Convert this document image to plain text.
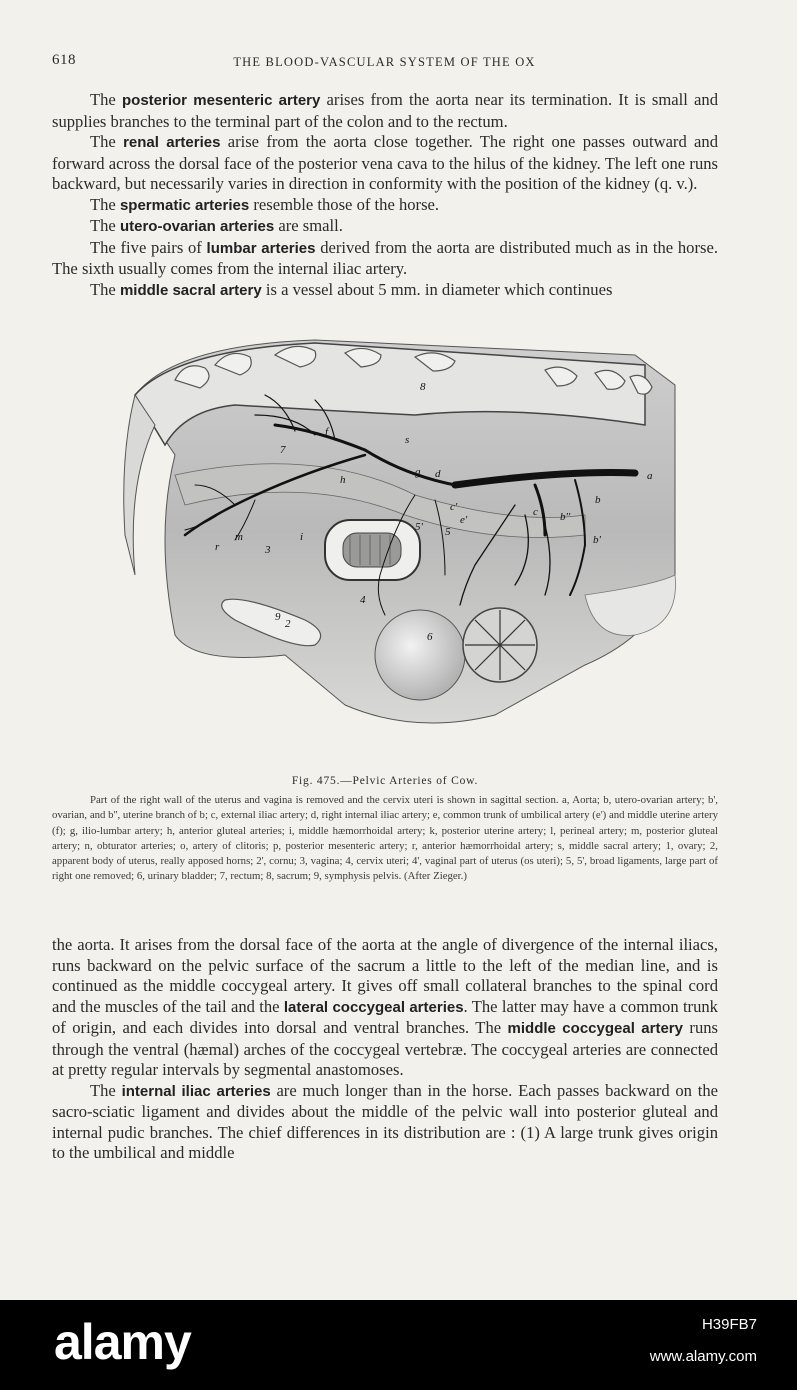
618	THE BLOOD-VASCULAR SYSTEM OF THE OX

The posterior mesenteric artery arises from the aorta near its termination. It is small and supplies branches to the terminal part of the colon and to the rectum.

The renal arteries arise from the aorta close together. The right one passes outward and forward across the dorsal face of the posterior vena cava to the hilus of the kidney. The left one runs backward, but necessarily varies in direction in conformity with the position of the kidney (q. v.).

The spermatic arteries resemble those of the horse.

The utero-ovarian arteries are small.

The five pairs of lumbar arteries derived from the aorta are distributed much as in the horse. The sixth usually comes from the internal iliac artery.

The middle sacral artery is a vessel about 5 mm. in diameter which continues

8
f
7
s
g d
h	a
c
b
b''
b'
c'
e'
5' 5
m	i
r	3
4
2
6
9
Fig. 475.—Pelvic Arteries of Cow.

Part of the right wall of the uterus and vagina is removed and the cervix uteri is shown in sagittal section. a, Aorta; b, utero-ovarian artery; b', ovarian, and b'', uterine branch of b; c, external iliac artery; d, right internal iliac artery; e, common trunk of umbilical artery (e') and middle uterine artery (f); g, ilio-lumbar artery; h, anterior gluteal arteries; i, middle hæmorrhoidal artery; k, posterior uterine artery; l, perineal artery; m, posterior gluteal artery; n, obturator arteries; o, artery of clitoris; p, posterior mesenteric artery; r, anterior hæmorrhoidal artery; s, middle sacral artery; 1, ovary; 2, apparent body of uterus, really apposed horns; 2', cornu; 3, vagina; 4, cervix uteri; 4', vaginal part of uterus (os uteri); 5, 5', broad ligaments, large part of right one removed; 6, urinary bladder; 7, rectum; 8, sacrum; 9, symphysis pelvis. (After Zieger.)

the aorta. It arises from the dorsal face of the aorta at the angle of divergence of the internal iliacs, runs backward on the pelvic surface of the sacrum a little to the left of the median line, and is continued as the middle coccygeal artery. It gives off small collateral branches to the spinal cord and the muscles of the tail and the lateral coccygeal arteries. The latter may have a common trunk of origin, and each divides into dorsal and ventral branches. The middle coccygeal artery runs through the ventral (hæmal) arches of the coccygeal vertebræ. The coccygeal arteries are connected at pretty regular intervals by segmental anastomoses.

The internal iliac arteries are much longer than in the horse. Each passes backward on the sacro-sciatic ligament and divides about the middle of the pelvic wall into posterior gluteal and internal pudic branches. The chief differences in its distribution are : (1) A large trunk gives origin to the umbilical and middle

alamy	H39FB7
www.alamy.com
